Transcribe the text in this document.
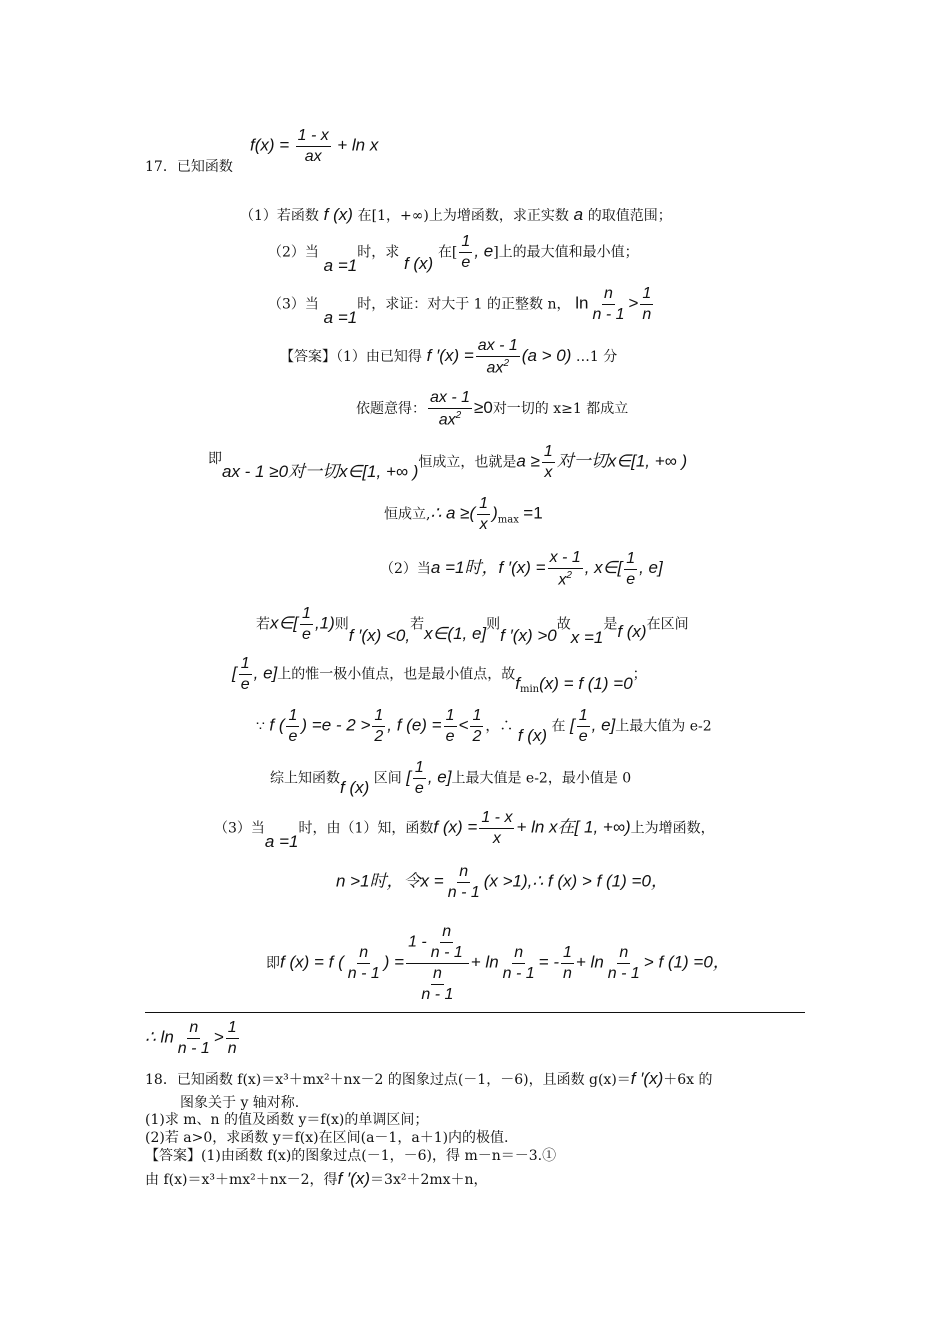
17．已知函数
$f(x) = \frac{1 - x}{ax} + \ln x$
（1）若函数 f (x) 在[1，+∞)上为增函数，求正实数 a 的取值范围；
（2）当 a =1时，求 f (x) 在[ $\frac{1}{e}$ , e]上的最大值和最小值；
（3）当 a =1时，求证：对大于 1 的正整数 n， $\ln \frac{n}{n - 1} > \frac{1}{n}$
【答案】（1）由已知得 f $'(x) = \frac{ax - 1}{ax^2} (a > 0)$ …1 分
依题意得： $\frac{ax - 1}{ax^2} \ge 0$对一切的 x≥1 都成立
即ax - 1 ≥0对一切x∈[1, +∞ )恒成立，也就是$a \ge \frac{1}{x}$ 对一切x∈[1, +∞ )
恒成立,∴ a ≥( $\frac{1}{x} )_{max} =1$
（2）当a =1时，f $'(x) = \frac{x - 1}{x^2}$ , x∈[ $\frac{1}{e}$ , e]
若x∈[ $\frac{1}{e} ,1$)则f ′(x) <0,若x∈(1, e]则f ′(x) >0故x =1是f (x)在区间
[ $\frac{1}{e}$ , e]上的惟一极小值点，也是最小值点，故$f_{min}(x) = f$ (1) =0；
∵ f ( $\frac{1}{e}$ ) $=e - 2 > \frac{1}{2}$ , f $(e) = \frac{1}{e} < \frac{1}{2}$ ，∴ f (x) 在 [ $\frac{1}{e}$ , e]上最大值为 e-2
综上知函数f (x) 区间 [ $\frac{1}{e}$ , e]上最大值是 e-2，最小值是 0
（3）当a =1时，由（1）知，函数f $(x) = \frac{1 - x}{x} + \ln x$在[ 1, +∞)上为增函数，
n >1时，令$x = \frac{n}{n - 1} (x$ >1),∴ f (x) > f (1) =0，
即f (x) = f ( $\frac{n}{n - 1}$ ) = $\frac{1 - \frac{n}{n - 1}}{\frac{n}{n - 1}} + \ln \frac{n}{n - 1}$ = - $\frac{1}{n} + \ln \frac{n}{n - 1} > f$ (1) =0，
∴ $\ln \frac{n}{n - 1} > \frac{1}{n}$
18．已知函数 f(x)＝x³＋mx²＋nx－2 的图象过点(－1，－6)，且函数 g(x)＝f ′(x)＋6x 的
图象关于 y 轴对称.
(1)求 m、n 的值及函数 y＝f(x)的单调区间；
(2)若 a>0，求函数 y＝f(x)在区间(a－1，a＋1)内的极值.
【答案】(1)由函数 f(x)的图象过点(－1，－6)，得 m－n＝－3.①
由 f(x)＝x³＋mx²＋nx－2，得f ′(x)＝3x²＋2mx＋n，
